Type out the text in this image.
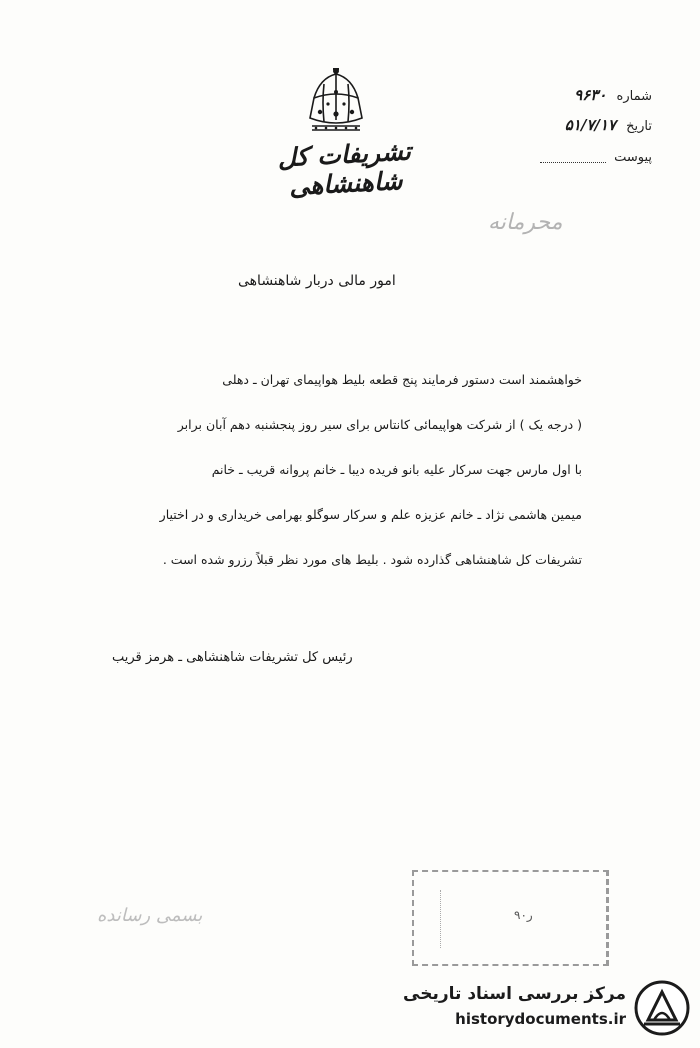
تشریفات کل شاهنشاهی
شماره ۹۶۳۰
تاریخ ۵۱/۷/۱۷
پیوست
محرمانه
امور مالی دربار شاهنشاهی

خواهشمند است دستور فرمایند پنج قطعه بلیط هواپیمای تهران ـ دهلی

( درجه یک ) از شرکت هواپیمائی کانتاس برای سیر روز پنجشنبه دهم آبان برابر

با اول مارس جهت سرکار علیه بانو فریده دیبا ـ خانم پروانه قریب ـ خانم

میمین هاشمی نژاد ـ خانم عزیزه علم و سرکار سوگلو بهرامی خریداری و در اختیار

تشریفات کل شاهنشاهی گذارده شود . بلیط های مورد نظر قبلاً رزرو شده است .

رئیس کل تشریفات شاهنشاهی ـ هرمز قریب
بسمی رسانده	۹۰ر
مرکز بررسی اسناد تاریخی
historydocuments.ir
